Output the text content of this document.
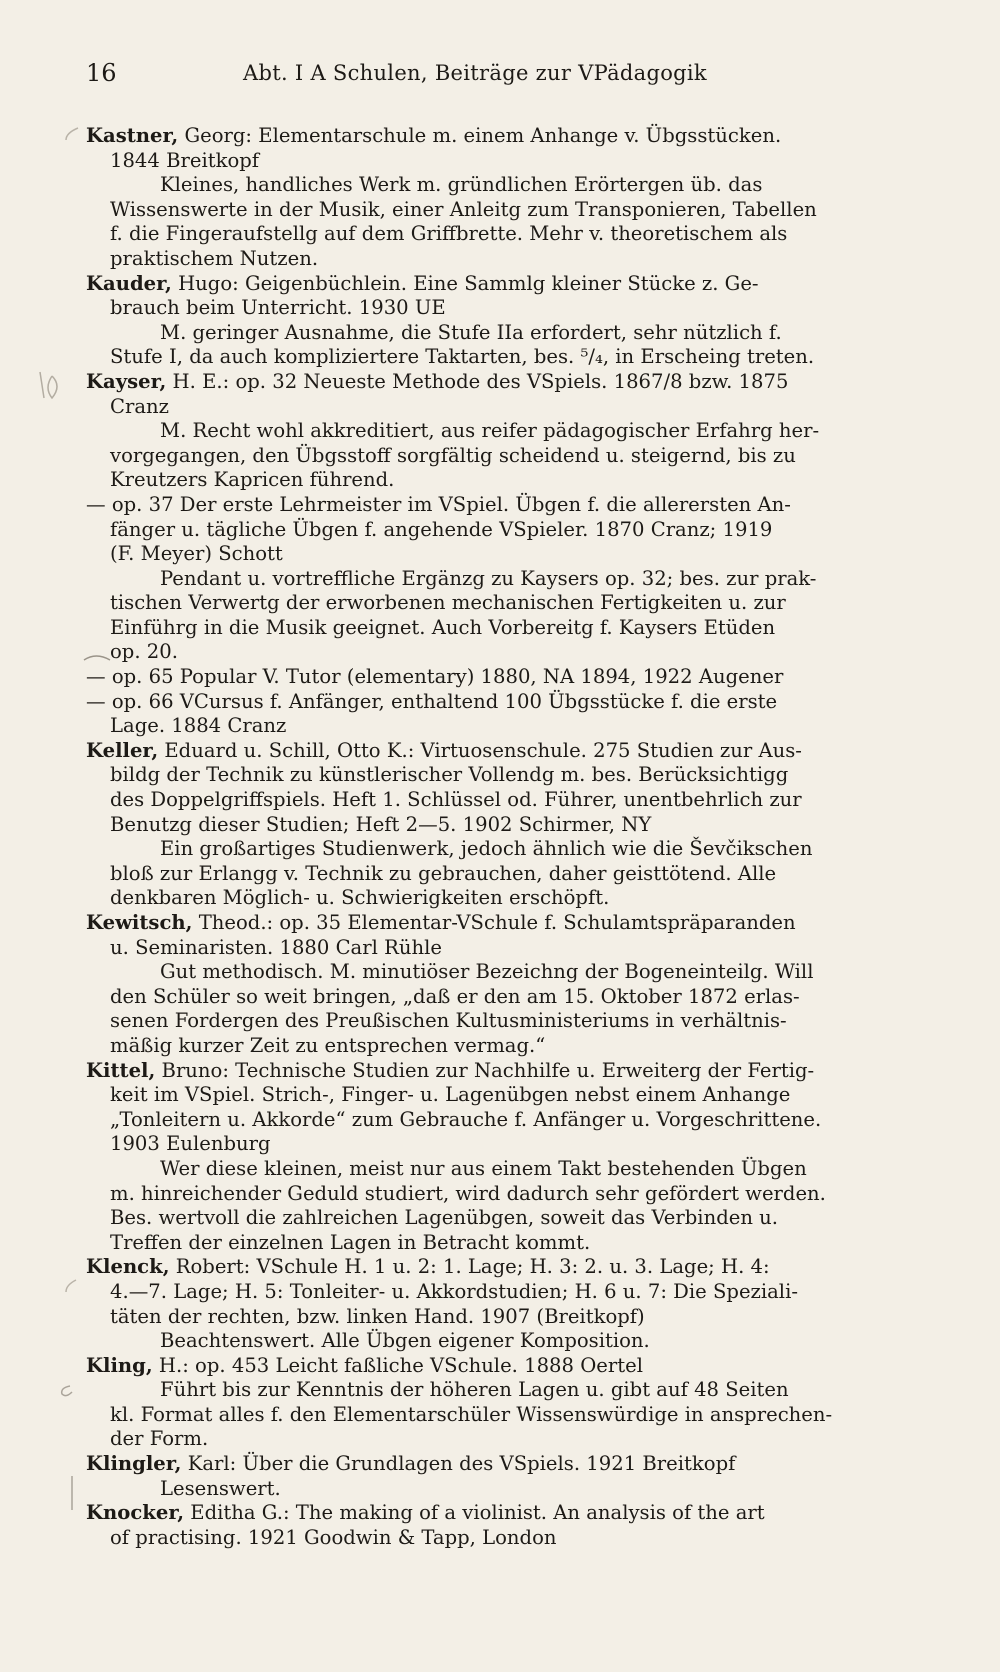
16	Abt. I A Schulen, Beiträge zur VPädagogik
Kastner, Georg: Elementarschule m. einem Anhange v. Übgsstücken.
1844 Breitkopf
Kleines, handliches Werk m. gründlichen Erörtergen üb. das
Wissenswerte in der Musik, einer Anleitg zum Transponieren, Tabellen
f. die Fingeraufstellg auf dem Griffbrette. Mehr v. theoretischem als
praktischem Nutzen.
Kauder, Hugo: Geigenbüchlein. Eine Sammlg kleiner Stücke z. Ge-
brauch beim Unterricht. 1930 UE
M. geringer Ausnahme, die Stufe IIa erfordert, sehr nützlich f.
Stufe I, da auch kompliziertere Taktarten, bes. ⁵/₄, in Erscheing treten.
Kayser, H. E.: op. 32 Neueste Methode des VSpiels. 1867/8 bzw. 1875
Cranz
M. Recht wohl akkreditiert, aus reifer pädagogischer Erfahrg her-
vorgegangen, den Übgsstoff sorgfältig scheidend u. steigernd, bis zu
Kreutzers Kapricen führend.
— op. 37 Der erste Lehrmeister im VSpiel. Übgen f. die allerersten An-
fänger u. tägliche Übgen f. angehende VSpieler. 1870 Cranz; 1919
(F. Meyer) Schott
Pendant u. vortreffliche Ergänzg zu Kaysers op. 32; bes. zur prak-
tischen Verwertg der erworbenen mechanischen Fertigkeiten u. zur
Einführg in die Musik geeignet. Auch Vorbereitg f. Kaysers Etüden
op. 20.
— op. 65 Popular V. Tutor (elementary) 1880, NA 1894, 1922 Augener
— op. 66 VCursus f. Anfänger, enthaltend 100 Übgsstücke f. die erste
Lage. 1884 Cranz
Keller, Eduard u. Schill, Otto K.: Virtuosenschule. 275 Studien zur Aus-
bildg der Technik zu künstlerischer Vollendg m. bes. Berücksichtigg
des Doppelgriffspiels. Heft 1. Schlüssel od. Führer, unentbehrlich zur
Benutzg dieser Studien; Heft 2—5. 1902 Schirmer, NY
Ein großartiges Studienwerk, jedoch ähnlich wie die Ševčikschen
bloß zur Erlangg v. Technik zu gebrauchen, daher geisttötend. Alle
denkbaren Möglich- u. Schwierigkeiten erschöpft.
Kewitsch, Theod.: op. 35 Elementar-VSchule f. Schulamtspräparanden
u. Seminaristen. 1880 Carl Rühle
Gut methodisch. M. minutiöser Bezeichng der Bogeneinteilg. Will
den Schüler so weit bringen, „daß er den am 15. Oktober 1872 erlas-
senen Fordergen des Preußischen Kultusministeriums in verhältnis-
mäßig kurzer Zeit zu entsprechen vermag.“
Kittel, Bruno: Technische Studien zur Nachhilfe u. Erweiterg der Fertig-
keit im VSpiel. Strich-, Finger- u. Lagenübgen nebst einem Anhange
„Tonleitern u. Akkorde“ zum Gebrauche f. Anfänger u. Vorgeschrittene.
1903 Eulenburg
Wer diese kleinen, meist nur aus einem Takt bestehenden Übgen
m. hinreichender Geduld studiert, wird dadurch sehr gefördert werden.
Bes. wertvoll die zahlreichen Lagenübgen, soweit das Verbinden u.
Treffen der einzelnen Lagen in Betracht kommt.
Klenck, Robert: VSchule H. 1 u. 2: 1. Lage; H. 3: 2. u. 3. Lage; H. 4:
4.—7. Lage; H. 5: Tonleiter- u. Akkordstudien; H. 6 u. 7: Die Speziali-
täten der rechten, bzw. linken Hand. 1907 (Breitkopf)
Beachtenswert. Alle Übgen eigener Komposition.
Kling, H.: op. 453 Leicht faßliche VSchule. 1888 Oertel
Führt bis zur Kenntnis der höheren Lagen u. gibt auf 48 Seiten
kl. Format alles f. den Elementarschüler Wissenswürdige in ansprechen-
der Form.
Klingler, Karl: Über die Grundlagen des VSpiels. 1921 Breitkopf
Lesenswert.
Knocker, Editha G.: The making of a violinist. An analysis of the art
of practising. 1921 Goodwin & Tapp, London
